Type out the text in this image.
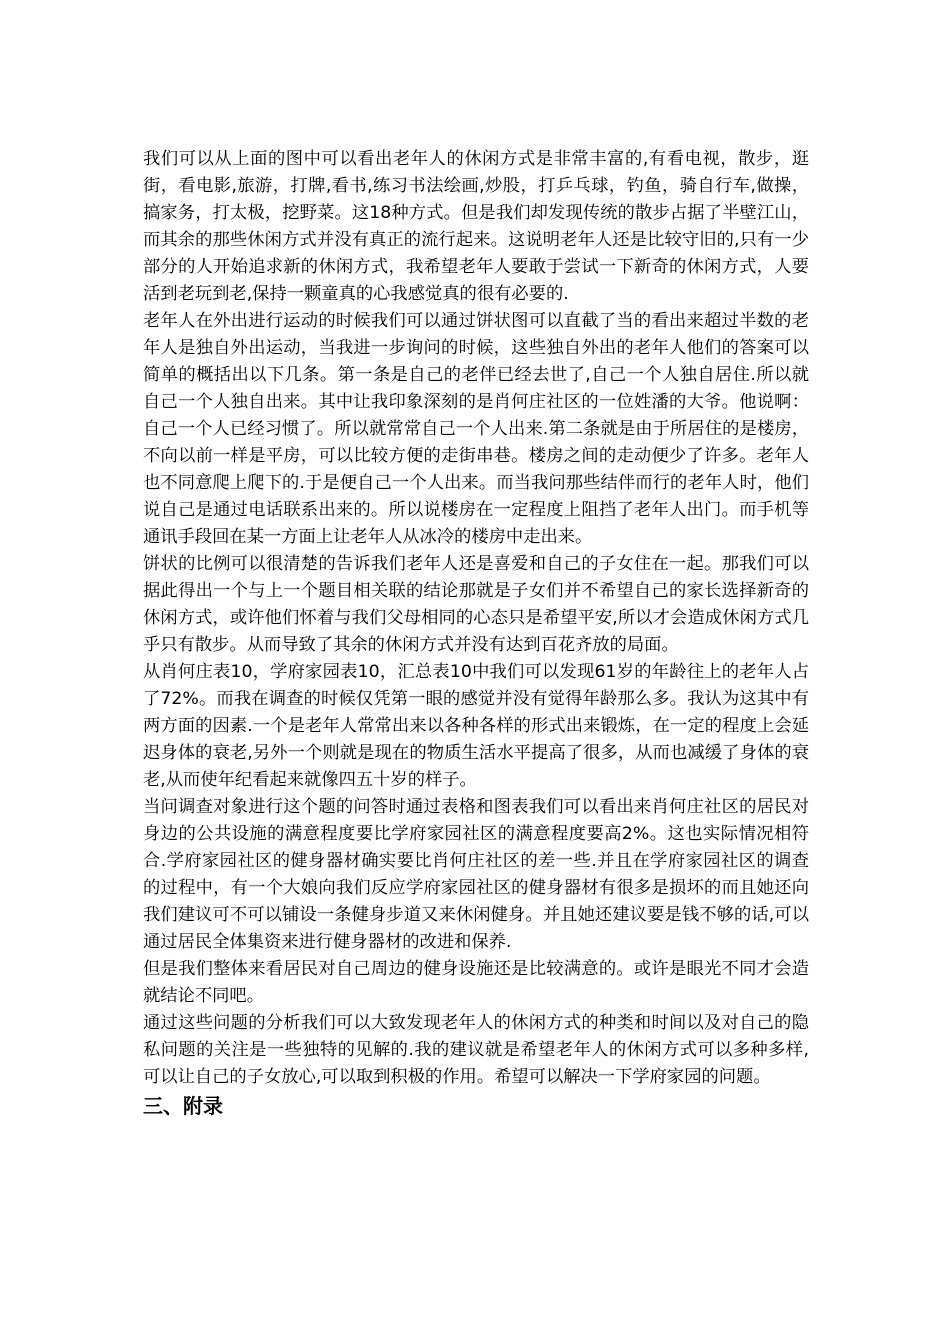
我们可以从上面的图中可以看出老年人的休闲方式是非常丰富的,有看电视，散步，逛街，看电影,旅游，打牌,看书,练习书法绘画,炒股，打乒乓球，钓鱼，骑自行车,做操，搞家务，打太极，挖野菜。这18种方式。但是我们却发现传统的散步占据了半壁江山，而其余的那些休闲方式并没有真正的流行起来。这说明老年人还是比较守旧的,只有一少部分的人开始追求新的休闲方式，我希望老年人要敢于尝试一下新奇的休闲方式，人要活到老玩到老,保持一颗童真的心我感觉真的很有必要的.

老年人在外出进行运动的时候我们可以通过饼状图可以直截了当的看出来超过半数的老年人是独自外出运动，当我进一步询问的时候，这些独自外出的老年人他们的答案可以简单的概括出以下几条。第一条是自己的老伴已经去世了,自己一个人独自居住.所以就自己一个人独自出来。其中让我印象深刻的是肖何庄社区的一位姓潘的大爷。他说啊：自己一个人已经习惯了。所以就常常自己一个人出来.第二条就是由于所居住的是楼房，不向以前一样是平房，可以比较方便的走街串巷。楼房之间的走动便少了许多。老年人也不同意爬上爬下的.于是便自己一个人出来。而当我问那些结伴而行的老年人时，他们说自己是通过电话联系出来的。所以说楼房在一定程度上阻挡了老年人出门。而手机等通讯手段回在某一方面上让老年人从冰冷的楼房中走出来。

饼状的比例可以很清楚的告诉我们老年人还是喜爱和自己的子女住在一起。那我们可以据此得出一个与上一个题目相关联的结论那就是子女们并不希望自己的家长选择新奇的休闲方式，或许他们怀着与我们父母相同的心态只是希望平安,所以才会造成休闲方式几乎只有散步。从而导致了其余的休闲方式并没有达到百花齐放的局面。

从肖何庄表10，学府家园表10，汇总表10中我们可以发现61岁的年龄往上的老年人占了72%。而我在调查的时候仅凭第一眼的感觉并没有觉得年龄那么多。我认为这其中有两方面的因素.一个是老年人常常出来以各种各样的形式出来锻炼，在一定的程度上会延迟身体的衰老,另外一个则就是现在的物质生活水平提高了很多，从而也减缓了身体的衰老,从而使年纪看起来就像四五十岁的样子。

当问调查对象进行这个题的问答时通过表格和图表我们可以看出来肖何庄社区的居民对身边的公共设施的满意程度要比学府家园社区的满意程度要高2%。这也实际情况相符合.学府家园社区的健身器材确实要比肖何庄社区的差一些.并且在学府家园社区的调查的过程中，有一个大娘向我们反应学府家园社区的健身器材有很多是损坏的而且她还向我们建议可不可以铺设一条健身步道又来休闲健身。并且她还建议要是钱不够的话,可以通过居民全体集资来进行健身器材的改进和保养.

但是我们整体来看居民对自己周边的健身设施还是比较满意的。或许是眼光不同才会造就结论不同吧。

通过这些问题的分析我们可以大致发现老年人的休闲方式的种类和时间以及对自己的隐私问题的关注是一些独特的见解的.我的建议就是希望老年人的休闲方式可以多种多样,可以让自己的子女放心,可以取到积极的作用。希望可以解决一下学府家园的问题。

三、附录
